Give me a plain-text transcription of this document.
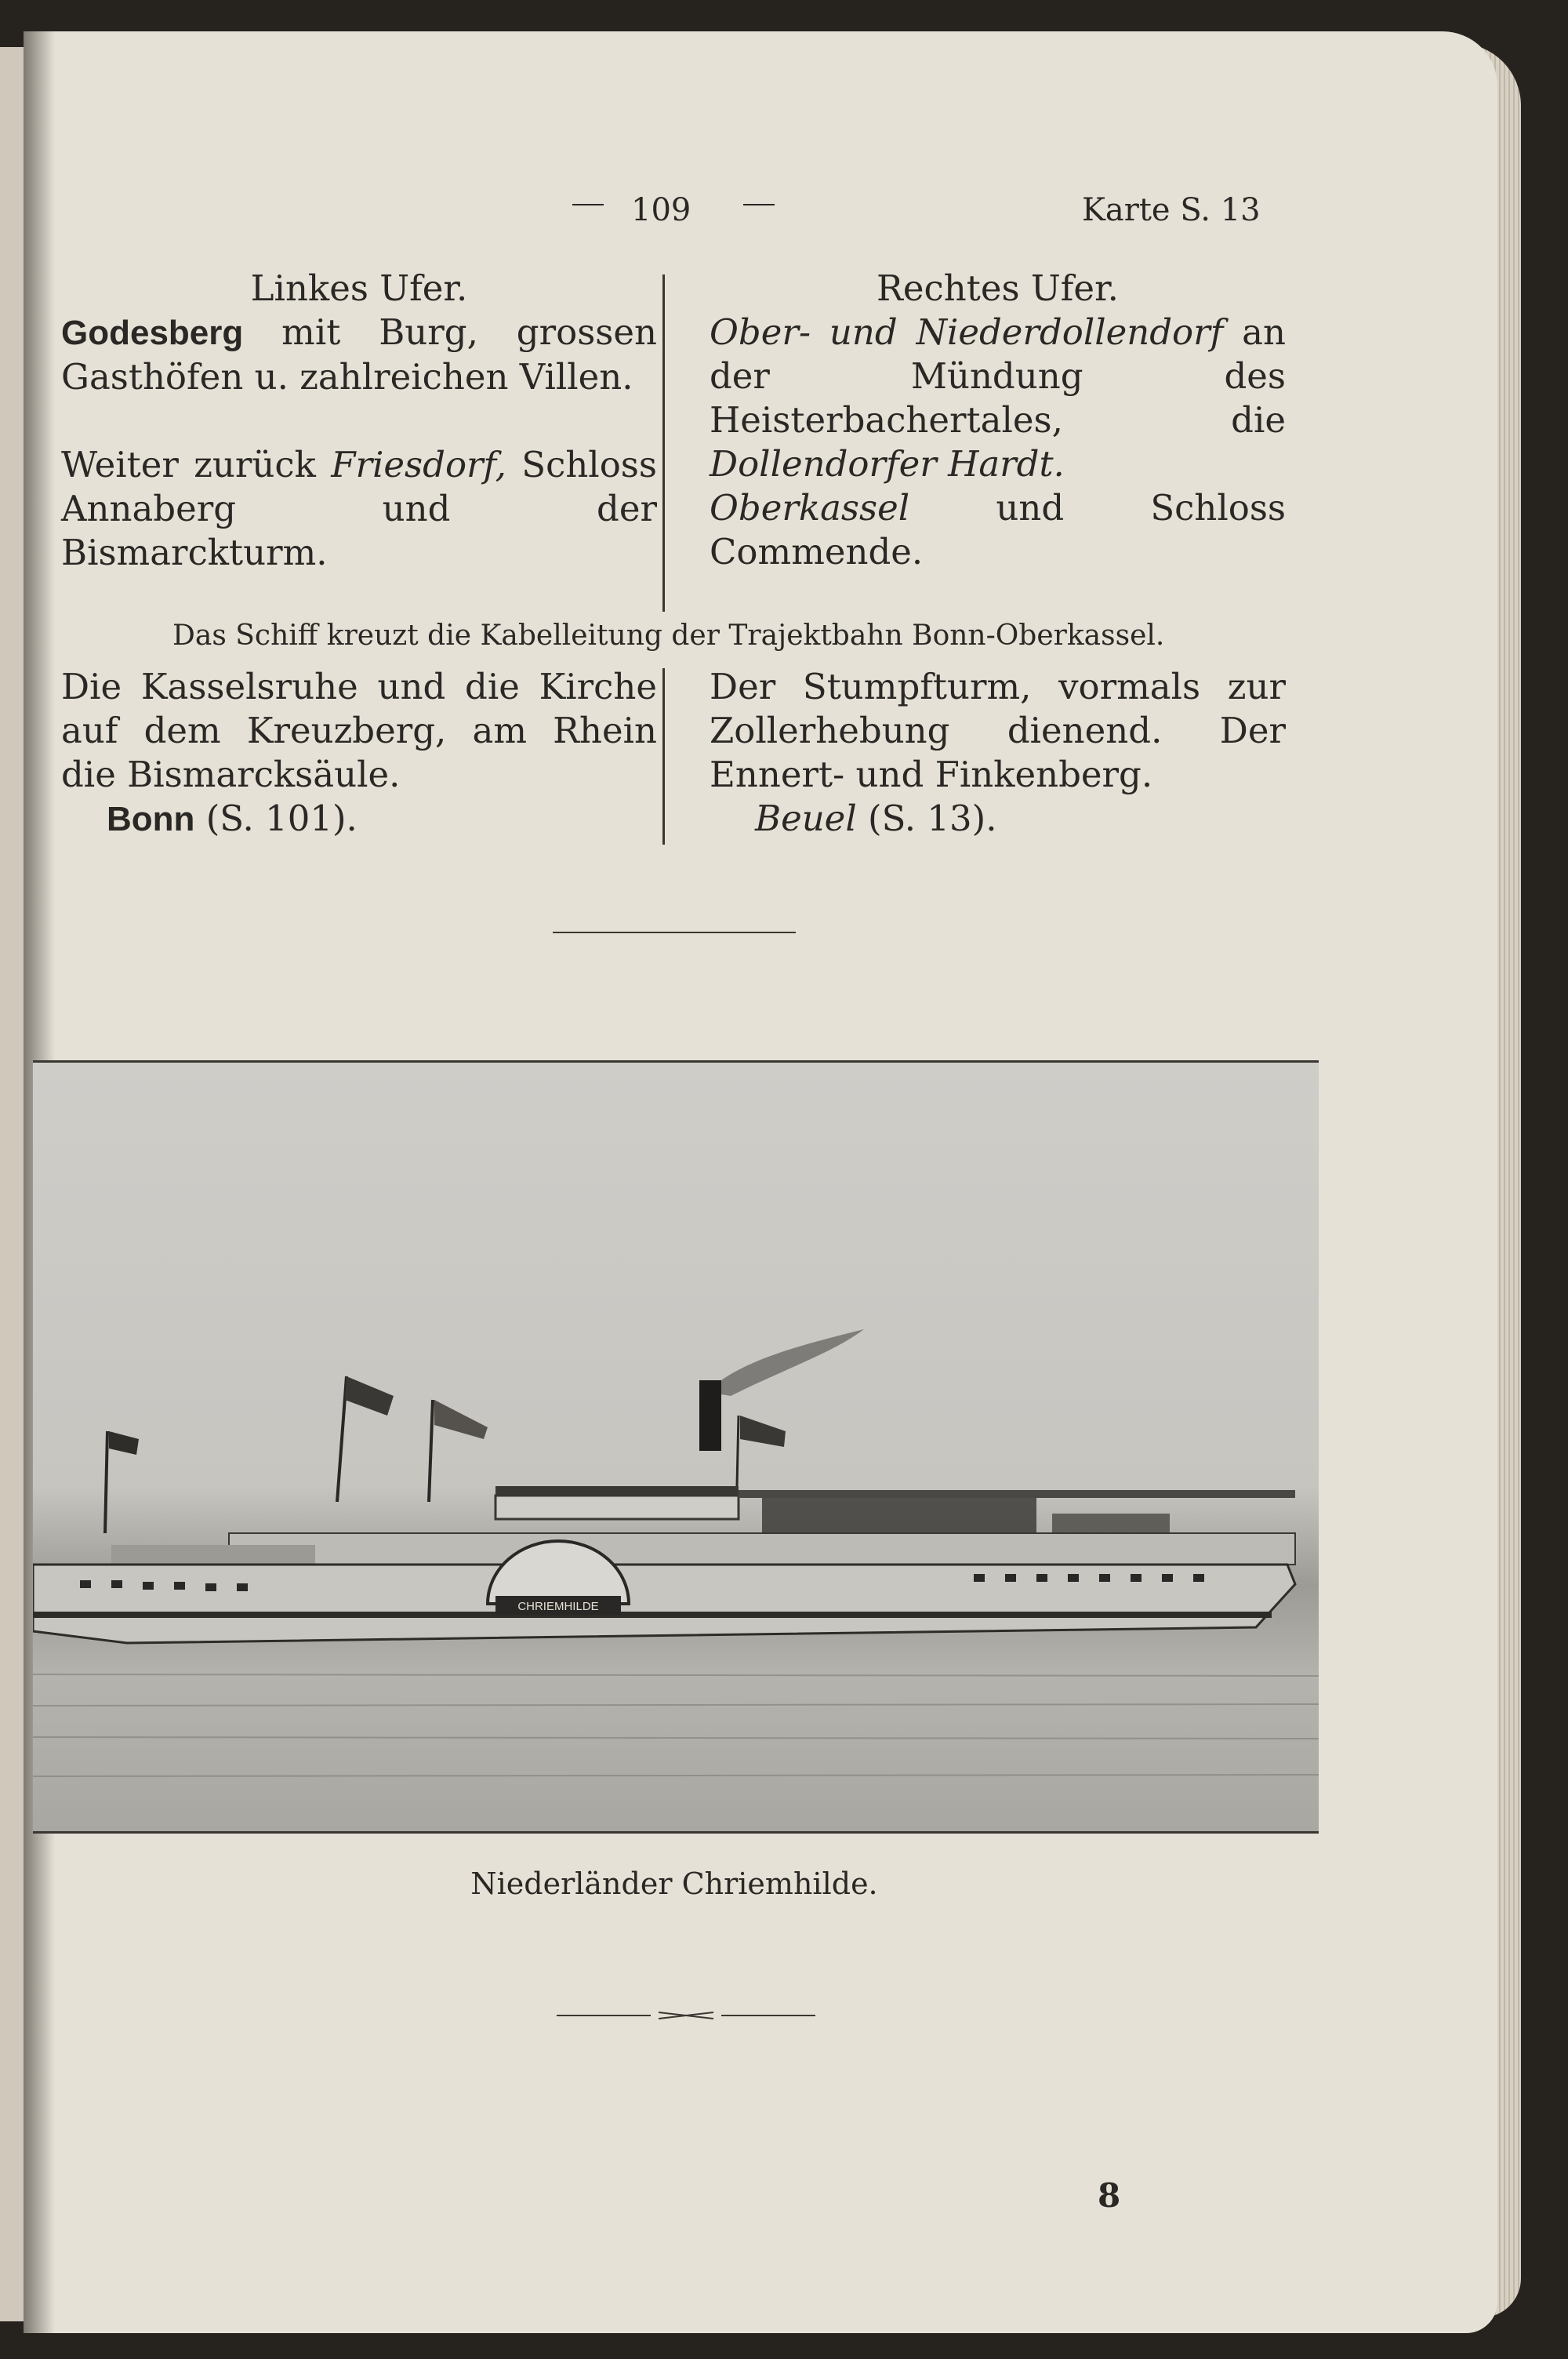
109	Karte S. 13

Linkes Ufer.

Godesberg mit Burg, grossen Gasthöfen u. zahlreichen Villen.

Weiter zurück Friesdorf, Schloss Annaberg und der Bismarckturm.

Rechtes Ufer.

Ober- und Niederdollendorf an der Mündung des Heisterbachertales, die Dollendorfer Hardt.

Oberkassel und Schloss Commende.

Das Schiff kreuzt die Kabelleitung der Trajektbahn Bonn-Oberkassel.

Die Kasselsruhe und die Kirche auf dem Kreuzberg, am Rhein die Bismarcksäule.

Bonn (S. 101).

Der Stumpfturm, vormals zur Zollerhebung dienend. Der Ennert- und Finkenberg.

Beuel (S. 13).

CHRIEMHILDE
Niederländer Chriemhilde.
8
